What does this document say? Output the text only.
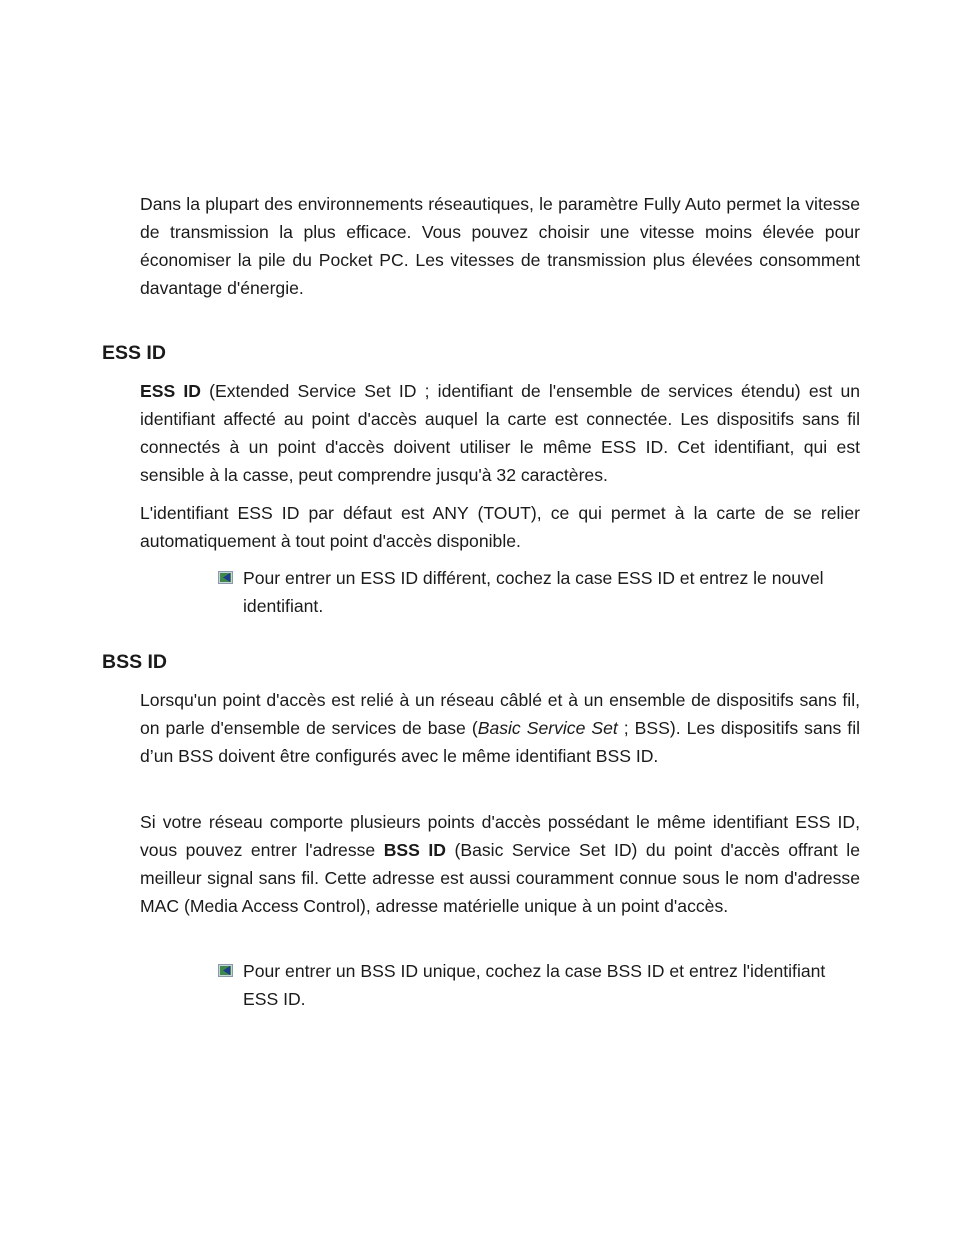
Dans la plupart des environnements réseautiques, le paramètre Fully Auto permet la vitesse de transmission la plus efficace. Vous pouvez choisir une vitesse moins élevée pour économiser la pile du Pocket PC. Les vitesses de transmission plus élevées consomment davantage d'énergie.

ESS ID

ESS ID (Extended Service Set ID ; identifiant de l'ensemble de services étendu) est un identifiant affecté au point d'accès auquel la carte est connectée. Les dispositifs sans fil connectés à un point d'accès doivent utiliser le même ESS ID. Cet identifiant, qui est sensible à la casse, peut comprendre jusqu'à 32 caractères.

L'identifiant ESS ID par défaut est ANY (TOUT), ce qui permet à la carte de se relier automatiquement à tout point d'accès disponible.

Pour entrer un ESS ID différent, cochez la case ESS ID et entrez le nouvel identifiant.
BSS ID

Lorsqu'un point d'accès est relié à un réseau câblé et à un ensemble de dispositifs sans fil, on parle d'ensemble de services de base (Basic Service Set ; BSS). Les dispositifs sans fil d’un BSS doivent être configurés avec le même identifiant BSS ID.

Si votre réseau comporte plusieurs points d'accès possédant le même identifiant ESS ID, vous pouvez entrer l'adresse BSS ID (Basic Service Set ID) du point d'accès offrant le meilleur signal sans fil. Cette adresse est aussi couramment connue sous le nom d'adresse MAC (Media Access Control), adresse matérielle unique à un point d'accès.

Pour entrer un BSS ID unique, cochez la case BSS ID et entrez l'identifiant ESS ID.
